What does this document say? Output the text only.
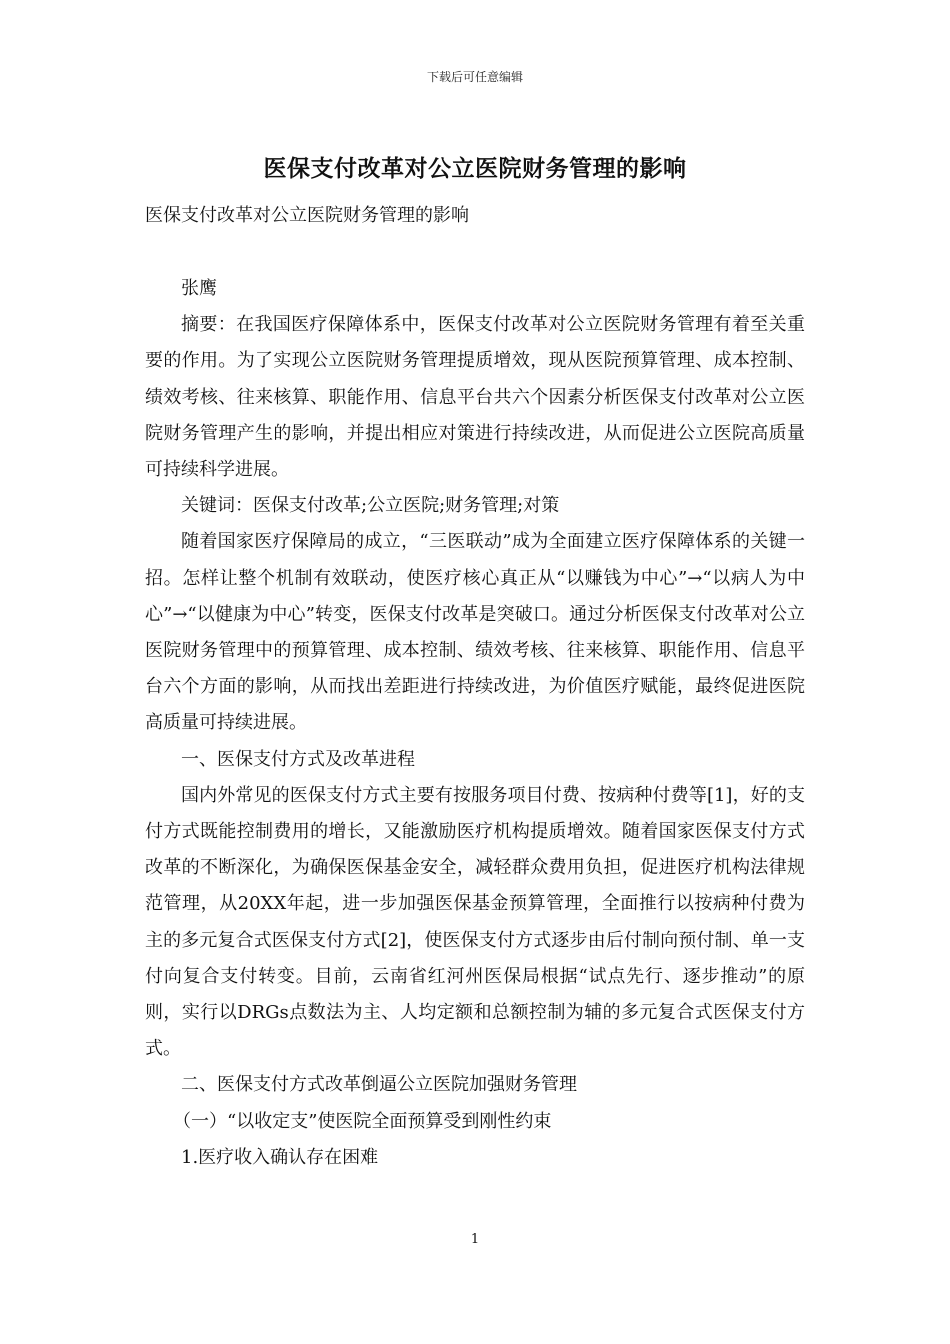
下载后可任意编辑
医保支付改革对公立医院财务管理的影响
医保支付改革对公立医院财务管理的影响

张鹰

摘要：在我国医疗保障体系中，医保支付改革对公立医院财务管理有着至关重要的作用。为了实现公立医院财务管理提质增效，现从医院预算管理、成本控制、绩效考核、往来核算、职能作用、信息平台共六个因素分析医保支付改革对公立医院财务管理产生的影响，并提出相应对策进行持续改进，从而促进公立医院高质量可持续科学进展。

关键词：医保支付改革;公立医院;财务管理;对策

随着国家医疗保障局的成立，“三医联动”成为全面建立医疗保障体系的关键一招。怎样让整个机制有效联动，使医疗核心真正从“以赚钱为中心”→“以病人为中心”→“以健康为中心”转变，医保支付改革是突破口。通过分析医保支付改革对公立医院财务管理中的预算管理、成本控制、绩效考核、往来核算、职能作用、信息平台六个方面的影响，从而找出差距进行持续改进，为价值医疗赋能，最终促进医院高质量可持续进展。

一、医保支付方式及改革进程

国内外常见的医保支付方式主要有按服务项目付费、按病种付费等[1]，好的支付方式既能控制费用的增长，又能激励医疗机构提质增效。随着国家医保支付方式改革的不断深化，为确保医保基金安全，减轻群众费用负担，促进医疗机构法律规范管理，从20XX年起，进一步加强医保基金预算管理，全面推行以按病种付费为主的多元复合式医保支付方式[2]，使医保支付方式逐步由后付制向预付制、单一支付向复合支付转变。目前，云南省红河州医保局根据“试点先行、逐步推动”的原则，实行以DRGs点数法为主、人均定额和总额控制为辅的多元复合式医保支付方式。

二、医保支付方式改革倒逼公立医院加强财务管理

（一）“以收定支”使医院全面预算受到刚性约束

1.医疗收入确认存在困难

1
